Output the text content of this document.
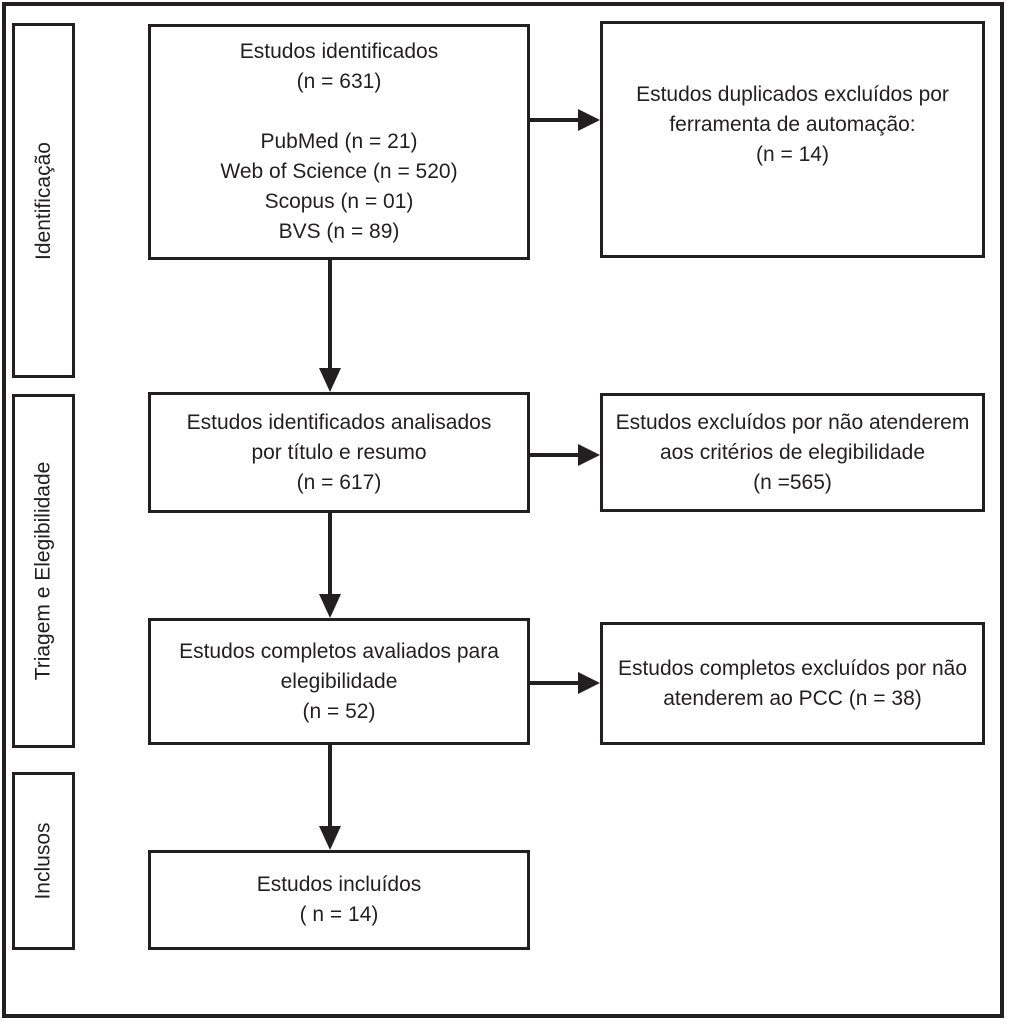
Identificação
Triagem e Elegibilidade
Inclusos
Estudos identificados
(n = 631)
PubMed (n = 21)
Web of Science (n = 520)
Scopus (n = 01)
BVS (n = 89)
Estudos duplicados excluídos por
ferramenta de automação:
(n = 14)
Estudos identificados analisados
por título e resumo
(n = 617)
Estudos excluídos por não atenderem
aos critérios de elegibilidade
(n =565)
Estudos completos avaliados para
elegibilidade
(n = 52)
Estudos completos excluídos por não
atenderem ao PCC (n = 38)
Estudos incluídos
( n = 14)
